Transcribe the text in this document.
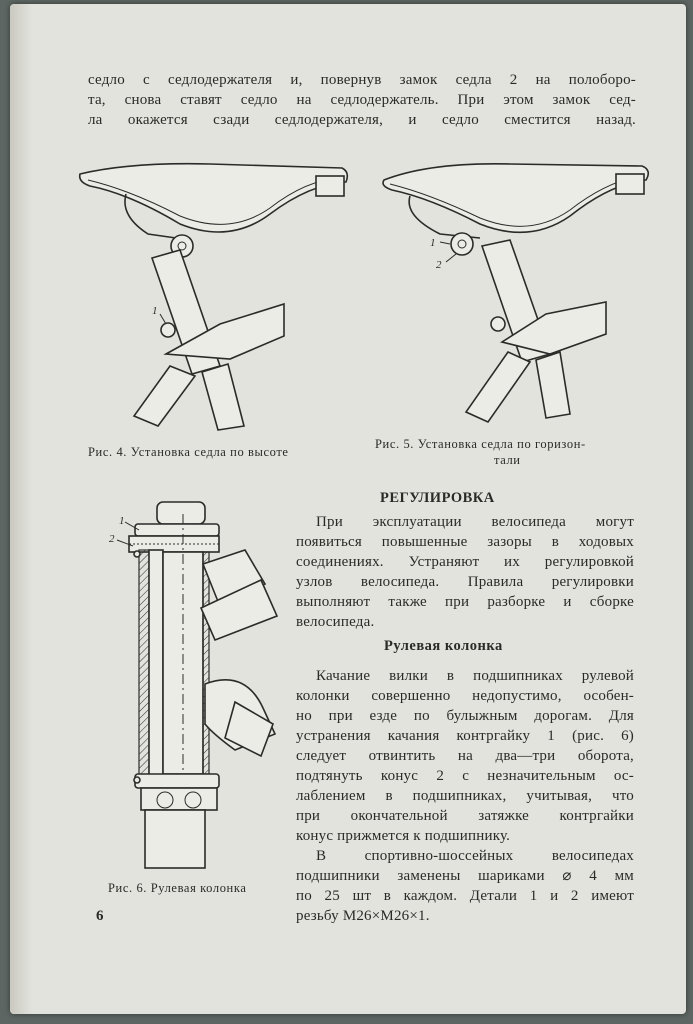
седло с седлодержателя и, повернув замок седла 2 на полоборо-
та, снова ставят седло на седлодержатель. При этом замок сед-
ла окажется сзади седлодержателя, и седло сместится назад.
1
Рис. 4. Установка седла по высоте
1
2
Рис. 5. Установка седла по горизон-
тали
1
2
Рис. 6. Рулевая колонка
РЕГУЛИРОВКА
При эксплуатации велосипеда могут
появиться повышенные зазоры в ходовых
соединениях. Устраняют их регулировкой
узлов велосипеда. Правила регулировки
выполняют также при разборке и сборке
велосипеда.
Рулевая колонка
Качание вилки в подшипниках рулевой
колонки совершенно недопустимо, особен-
но при езде по булыжным дорогам. Для
устранения качания контргайку 1 (рис. 6)
следует отвинтить на два—три оборота,
подтянуть конус 2 с незначительным ос-
лаблением в подшипниках, учитывая, что
при окончательной затяжке контргайки
конус прижмется к подшипнику.
В спортивно-шоссейных велосипедах
подшипники заменены шариками ⌀ 4 мм
по 25 шт в каждом. Детали 1 и 2 имеют
резьбу М26×М26×1.
6
